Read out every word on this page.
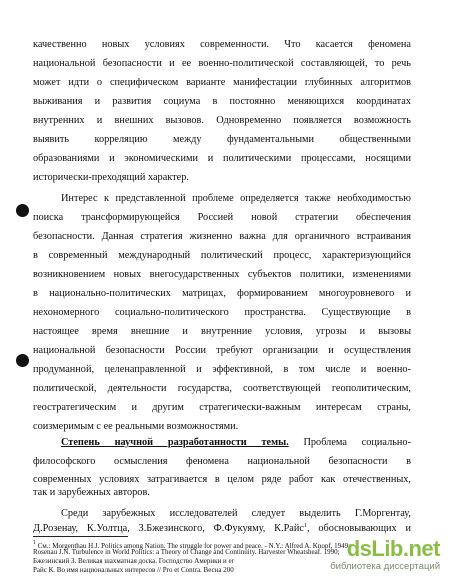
качественно новых условиях современности. Что касается феномена
национальной безопасности и ее военно-политической составляющей, то речь
может идти о специфическом варианте манифестации глубинных алгоритмов
выживания и развития социума в постоянно меняющихся координатах
внутренних и внешних вызовов. Одновременно появляется возможность
выявить корреляцию между фундаментальными общественными
образованиями и экономическими и политическими процессами, носящими
исторически-преходящий характер.
Интерес к представленной проблеме определяется также необходимостью
поиска трансформирующейся Россией новой стратегии обеспечения
безопасности. Данная стратегия жизненно важна для органичного встраивания
в современный международный политический процесс, характеризующийся
возникновением новых внегосударственных субъектов политики, изменениями
в национально-политических матрицах, формированием многоуровневого и
нехономерного социально-политического пространства. Существующие в
настоящее время внешние и внутренние условия, угрозы и вызовы
национальной безопасности России требуют организации и осуществления
продуманной, целенаправленной и эффективной, в том числе и военно-
политической, деятельности государства, соответствующей геополитическим,
геостратегическим и другим стратегически-важным интересам страны,
соизмеримым с ее реальными возможностями.
Степень научной разработанности темы. Проблема социально-
философского осмысления феномена национальной безопасности в
современных условиях затрагивается в целом ряде работ как отечественных,
так и зарубежных авторов.
Среди зарубежных исследователей следует выделить Г.Моргентау,
Д.Розенау, К.Уолтца, З.Бжезинского, Ф.Фукуяму, К.Райс$^1$, обосновывающих и
1 См.: Morgenthau H.J. Politics among Nation. The struggle for power and peace. - N.Y.: Alfred A. Knopf, 1949;
Rosenau J.N. Turbulence in World Politics: a Theory of Change and Continuity. Harvester Wheatsheaf. 1990;
Бжезинский З. Великая шахматная доска. Господство Америки и ег
Райс К. Во имя национальных интересов // Pro et Contra. Весна 200
dsLib.net
библиотека диссертаций
